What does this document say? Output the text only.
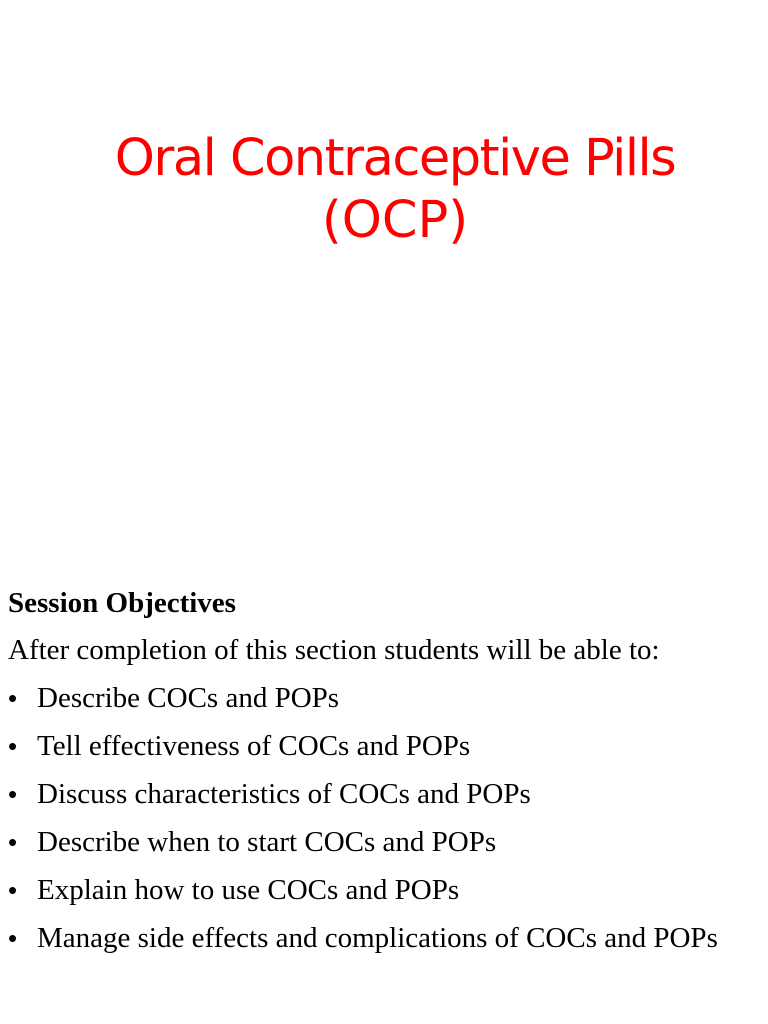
Oral Contraceptive Pills
(OCP)
Session Objectives
After completion of this section students will be able to:
• Describe COCs and POPs
• Tell effectiveness of COCs and POPs
• Discuss characteristics of COCs and POPs
• Describe when to start COCs and POPs
• Explain how to use COCs and POPs
• Manage side effects and complications of COCs and POPs
